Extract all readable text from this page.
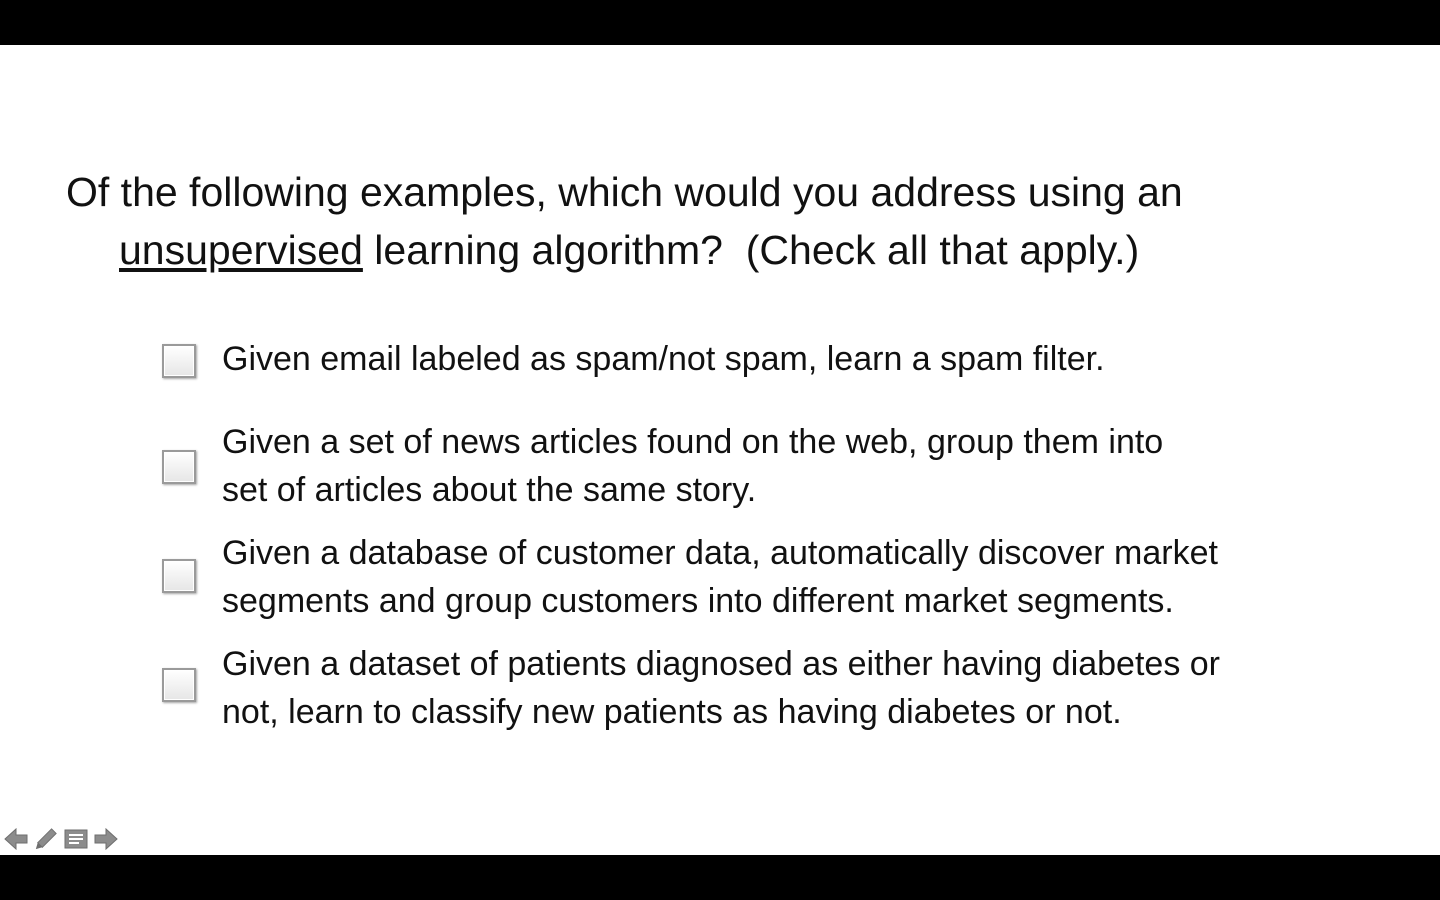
Of the following examples, which would you address using an
unsupervised learning algorithm?  (Check all that apply.)
Given email labeled as spam/not spam, learn a spam filter.
Given a set of news articles found on the web, group them into
set of articles about the same story.
Given a database of customer data, automatically discover market
segments and group customers into different market segments.
Given a dataset of patients diagnosed as either having diabetes or
not, learn to classify new patients as having diabetes or not.
